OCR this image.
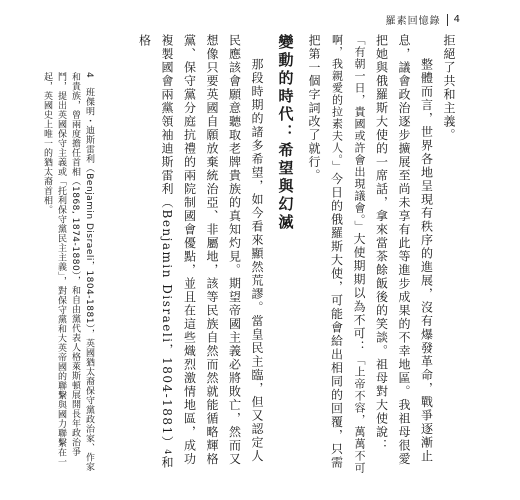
羅素回憶錄 4

拒絕了共和主義。

整體而言，世界各地呈現有秩序的進展，沒有爆發革命，戰爭逐漸止息，議會政治逐步擴展至尚未享有此等進步成果的不幸地區。我祖母很愛把她與俄羅斯大使的一席話，拿來當茶餘飯後的笑談。祖母對大使說：「有朝一日，貴國或許會出現議會。」大使期期以為不可：「上帝不容，萬萬不可啊，我親愛的拉素夫人。」今日的俄羅斯大使，可能會給出相同的回覆，只需把第一個字詞改了就行。

變動的時代：希望與幻滅

那段時期的諸多希望，如今看來顯然荒謬。當皇民主臨，但又認定人民應該會願意聽取老牌貴族的真知灼見。期望帝國主義必將敗亡，然而又想像只要英國自願放棄統治亞、非屬地，該等民族自然而然就能循略輝格黨、保守黨分庭抗禮的兩院制國會優點，並且在這些熾烈激情地區，成功複製國會兩黨領袖迪斯雷利（Benjamin Disraeli，1804-1881）4和格

4　班傑明・迪斯雷利（Benjamin Disraeli，1804-1881），英國猶太裔保守黨政治家、作家和貴族，曾兩度擔任首相（1868, 1874-1880），和自由黨代表人格萊斯頓展開長年政治爭鬥，提出英國保守主義或「托利保守黨民主主義」，對保守黨和大英帝國的聯繫與國力聯繫在一起，英國史上唯一的猶太裔首相。
